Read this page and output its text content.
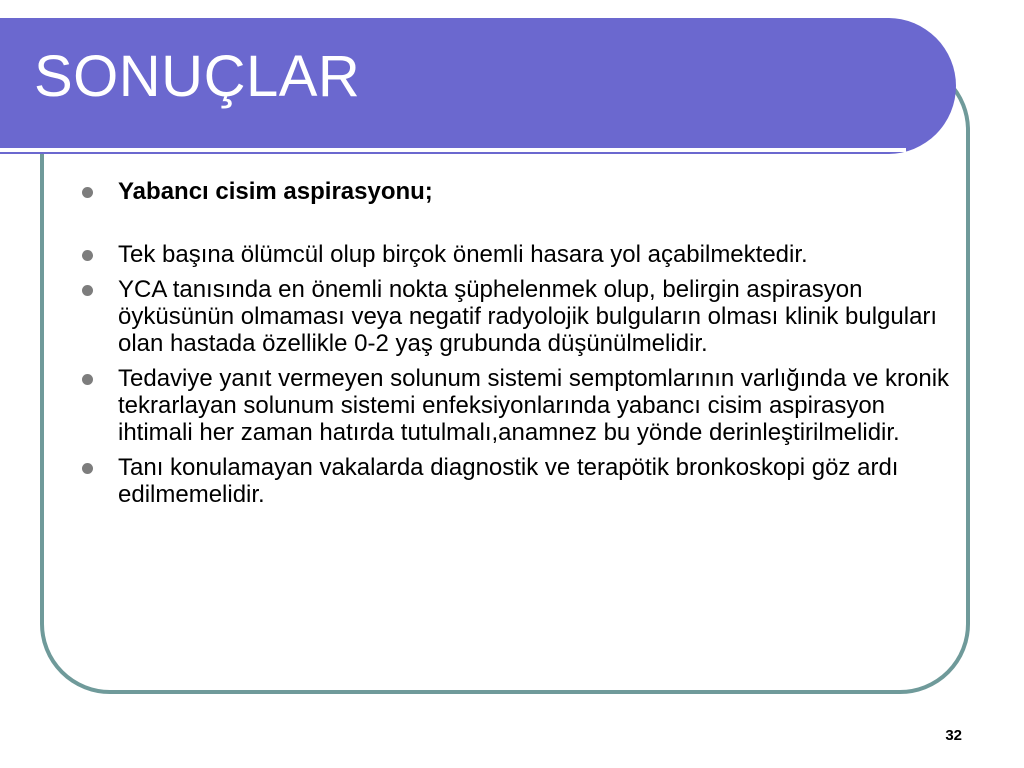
SONUÇLAR
Yabancı cisim aspirasyonu;
Tek başına ölümcül olup birçok önemli hasara yol açabilmektedir.
YCA tanısında en önemli nokta şüphelenmek olup, belirgin aspirasyon öyküsünün olmaması veya negatif radyolojik bulguların olması klinik bulguları olan hastada özellikle 0-2 yaş grubunda düşünülmelidir.
Tedaviye yanıt vermeyen solunum sistemi semptomlarının varlığında ve kronik tekrarlayan solunum sistemi enfeksiyonlarında yabancı cisim aspirasyon ihtimali her zaman hatırda tutulmalı,anamnez bu yönde derinleştirilmelidir.
Tanı konulamayan vakalarda diagnostik ve terapötik bronkoskopi göz ardı edilmemelidir.

32
